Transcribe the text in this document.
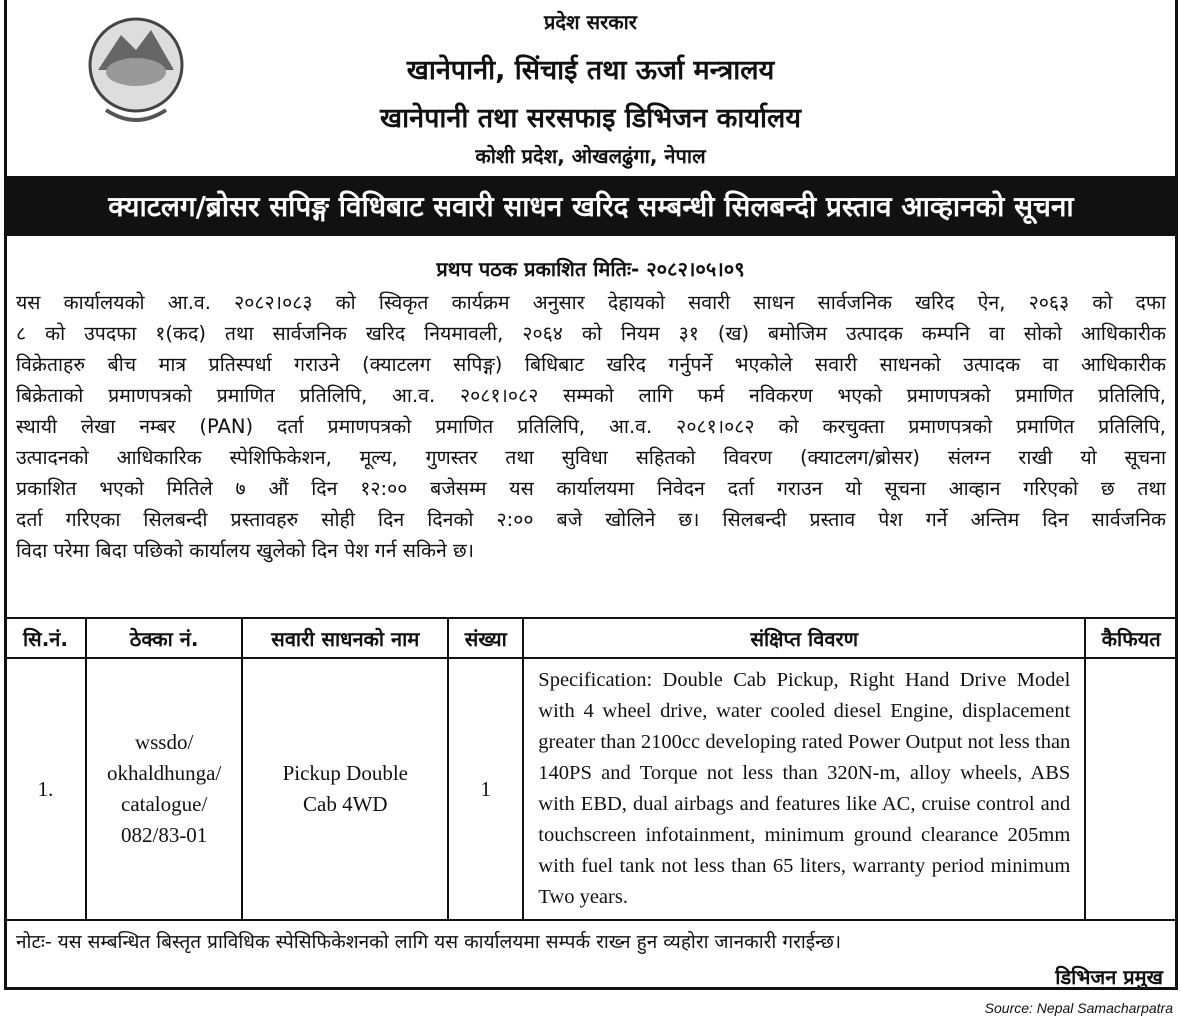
प्रदेश सरकार
खानेपानी, सिंचाई तथा ऊर्जा मन्त्रालय
खानेपानी तथा सरसफाइ डिभिजन कार्यालय
कोशी प्रदेश, ओखलढुंगा, नेपाल
क्याटलग/ब्रोसर सपिङ्ग विधिबाट सवारी साधन खरिद सम्बन्धी सिलबन्दी प्रस्ताव आव्हानको सूचना
प्रथप पठक प्रकाशित मितिः- २०८२।०५।०९
यस कार्यालयको आ.व. २०८२।०८३ को स्विकृत कार्यक्रम अनुसार देहायको सवारी साधन सार्वजनिक खरिद ऐन, २०६३ को दफा
८ को उपदफा १(कद) तथा सार्वजनिक खरिद नियमावली, २०६४ को नियम ३१ (ख) बमोजिम उत्पादक कम्पनि वा सोको आधिकारीक
विक्रेताहरु बीच मात्र प्रतिस्पर्धा गराउने (क्याटलग सपिङ्ग) बिधिबाट खरिद गर्नुपर्ने भएकोले सवारी साधनको उत्पादक वा आधिकारीक
बिक्रेताको प्रमाणपत्रको प्रमाणित प्रतिलिपि, आ.व. २०८१।०८२ सम्मको लागि फर्म नविकरण भएको प्रमाणपत्रको प्रमाणित प्रतिलिपि,
स्थायी लेखा नम्बर (PAN) दर्ता प्रमाणपत्रको प्रमाणित प्रतिलिपि, आ.व. २०८१।०८२ को करचुक्ता प्रमाणपत्रको प्रमाणित प्रतिलिपि,
उत्पादनको आधिकारिक स्पेशिफिकेशन, मूल्य, गुणस्तर तथा सुविधा सहितको विवरण (क्याटलग/ब्रोसर) संलग्न राखी यो सूचना
प्रकाशित भएको मितिले ७ औं दिन १२:०० बजेसम्म यस कार्यालयमा निवेदन दर्ता गराउन यो सूचना आव्हान गरिएको छ तथा
दर्ता गरिएका सिलबन्दी प्रस्तावहरु सोही दिन दिनको २:०० बजे खोलिने छ। सिलबन्दी प्रस्ताव पेश गर्ने अन्तिम दिन सार्वजनिक
विदा परेमा बिदा पछिको कार्यालय खुलेको दिन पेश गर्न सकिने छ।
सि.नं.	ठेक्का नं.	सवारी साधनको नाम	संख्या	संक्षिप्त विवरण	कैफियत
1.	wssdo/ okhaldhunga/ catalogue/ 082/83-01	Pickup Double Cab 4WD	1	Specification: Double Cab Pickup, Right Hand Drive Model with 4 wheel drive, water cooled diesel Engine, displacement greater than 2100cc developing rated Power Output not less than 140PS and Torque not less than 320N-m, alloy wheels, ABS with EBD, dual airbags and features like AC, cruise control and touchscreen infotainment, minimum ground clearance 205mm with fuel tank not less than 65 liters, warranty period minimum Two years.	
नोटः- यस सम्बन्धित बिस्तृत प्राविधिक स्पेसिफिकेशनको लागि यस कार्यालयमा सम्पर्क राख्न हुन व्यहोरा जानकारी गराईन्छ।
डिभिजन प्रमुख
Source: Nepal Samacharpatra
